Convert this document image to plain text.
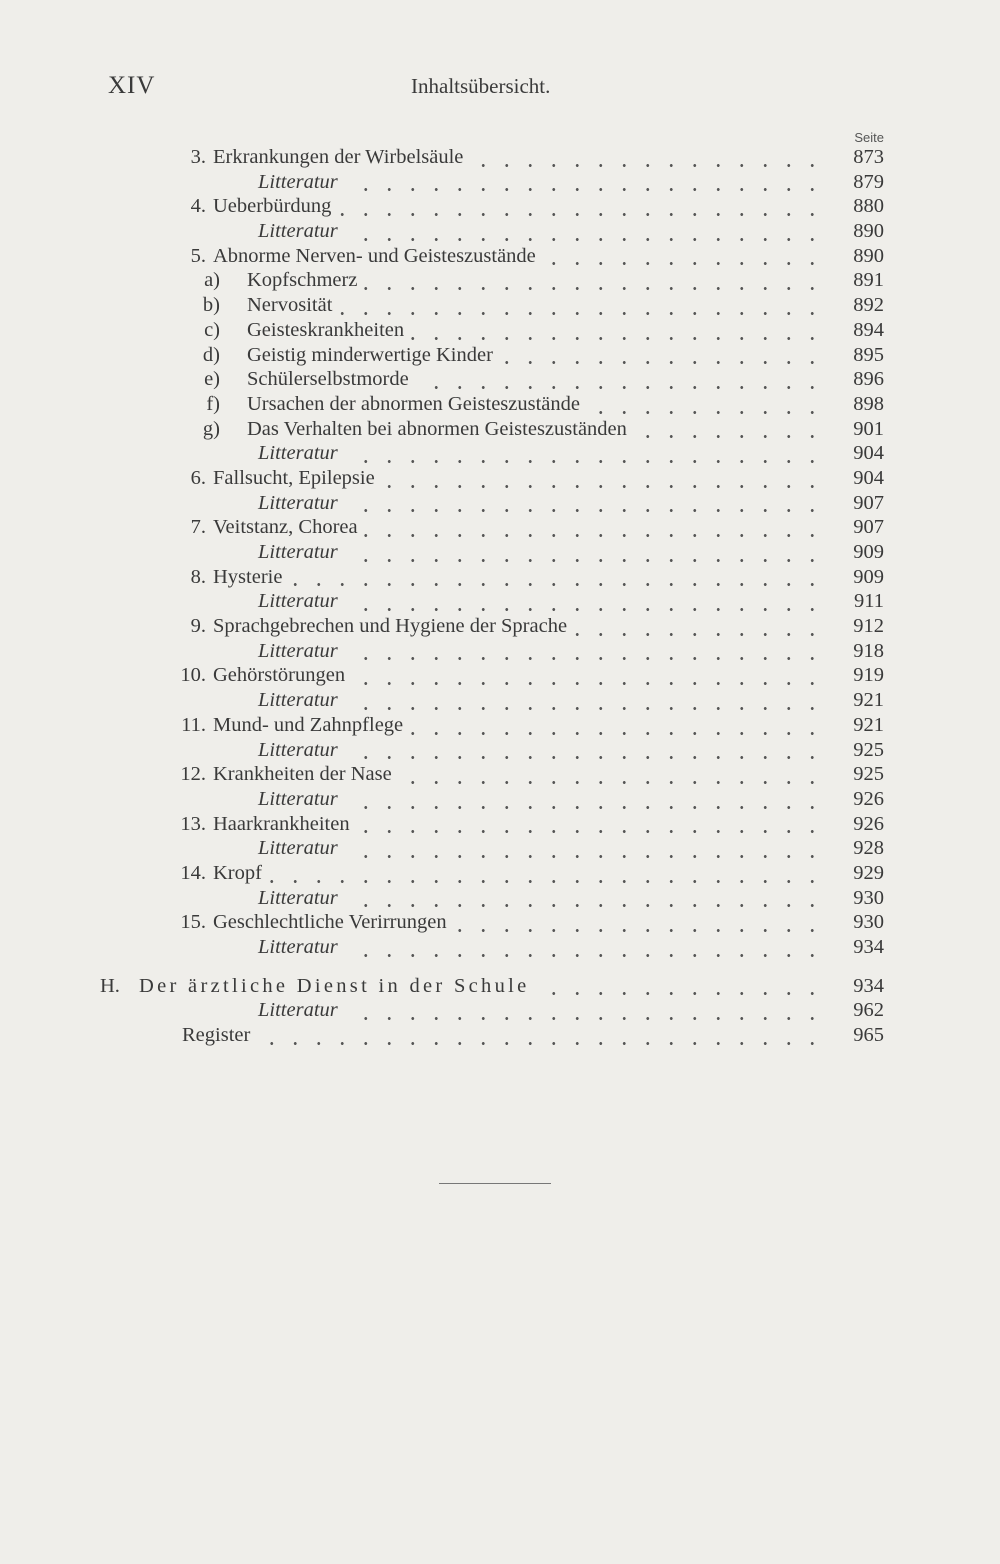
XIV	Inhaltsübersicht.
Seite
3. Erkrankungen der Wirbelsäule	873
Litteratur	879
4. Ueberbürdung	880
Litteratur	890
5. Abnorme Nerven- und Geisteszustände	890
a) Kopfschmerz	891
b) Nervosität	892
c) Geisteskrankheiten	894
d) Geistig minderwertige Kinder	895
e) Schülerselbstmorde	896
f) Ursachen der abnormen Geisteszustände	898
g) Das Verhalten bei abnormen Geisteszuständen	901
Litteratur	904
6. Fallsucht, Epilepsie	904
Litteratur	907
7. Veitstanz, Chorea	907
Litteratur	909
8. Hysterie	909
Litteratur	911
9. Sprachgebrechen und Hygiene der Sprache	912
Litteratur	918
10. Gehörstörungen	919
Litteratur	921
11. Mund- und Zahnpflege	921
Litteratur	925
12. Krankheiten der Nase	925
Litteratur	926
13. Haarkrankheiten	926
Litteratur	928
14. Kropf	929
Litteratur	930
15. Geschlechtliche Verirrungen	930
Litteratur	934
H. Der ärztliche Dienst in der Schule	934
Litteratur	962
Register	965
